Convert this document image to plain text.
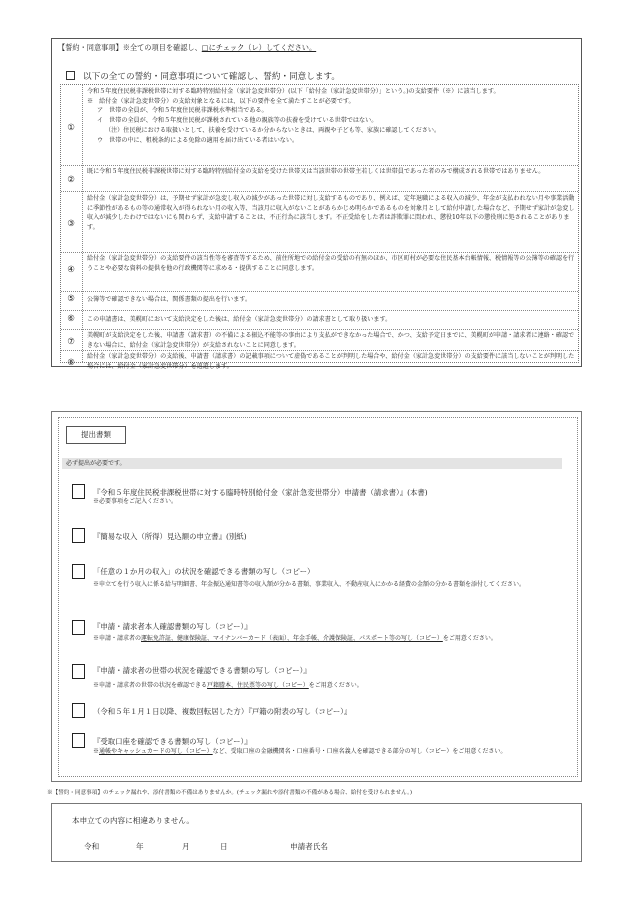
【誓約・同意事項】※全ての項目を確認し、□にチェック（レ）してください。
以下の全ての誓約・同意事項について確認し、誓約・同意します。
①
令和５年度住民税非課税世帯に対する臨時特別給付金（家計急変世帯分）(以下「給付金（家計急変世帯分）」という。)の支給要件（※）に該当します。
※　給付金（家計急変世帯分）の支給対象となるには、以下の要件を全て満たすことが必要です。
ア　世帯の全員が、令和５年度住民税非課税水準相当である。
イ　世帯の全員が、令和５年度住民税が課税されている他の親族等の扶養を受けている世帯ではない。
（注）住民税における取扱いとして、扶養を受けているか分からないときは、両親や子ども等、家族に確認してください。
ウ　世帯の中に、租税条約による免除の適用を届け出ている者はいない。
②
既に令和５年度住民税非課税世帯に対する臨時特別給付金の支給を受けた世帯又は当該世帯の世帯主若しくは世帯員であった者のみで構成される世帯ではありません。
③
給付金（家計急変世帯分）は、予期せず家計が急変し収入の減少があった世帯に対し支給するものであり、例えば、定年退職による収入の減少、年金が支払われない月や事業活動に季節性があるもの等の通常収入が得られない月の収入等、当該月に収入がないことがあらかじめ明らかであるものを対象月として給付申請した場合など、予期せず家計が急変し収入が減少したわけではないにも関わらず、支給申請することは、不正行為に該当します。不正受給をした者は詐欺罪に問われ、懲役10年以下の懲役刑に処されることがあります。
④
給付金（家計急変世帯分）の支給要件の該当性等を審査等するため、前住所地での給付金の受給の有無のほか、市区町村が必要な住民基本台帳情報、税情報等の公簿等の確認を行うことや必要な資料の提供を他の行政機関等に求める・提供することに同意します。
⑤	公簿等で確認できない場合は、関係書類の提出を行います。
⑥	この申請書は、美幌町において支給決定をした後は、給付金（家計急変世帯分）の請求書として取り扱います。
⑦
美幌町が支給決定をした後、申請書（請求書）の不備による振込不能等の事由により支払ができなかった場合で、かつ、支給予定日までに、美幌町が申請・請求者に連絡・確認できない場合に、給付金（家計急変世帯分）が支給されないことに同意します。
⑧
給付金（家計急変世帯分）の支給後、申請書（請求書）の記載事項について虚偽であることが判明した場合や、給付金（家計急変世帯分）の支給要件に該当しないことが判明した場合には、給付金（家計急変世帯分）を返還します。
提出書類
必ず提出が必要です。
『令和５年度住民税非課税世帯に対する臨時特別給付金（家計急変世帯分）申請書（請求書）』(本書)
※必要事項をご記入ください。
『簡易な収入（所得）見込額の申立書』(別紙)
「任意の１か月の収入」の状況を確認できる書類の写し（コピー）
※申立てを行う収入に係る給与明細書、年金振込通知書等の収入額が分かる書類、事業収入、不動産収入にかかる経費の金額の分かる書類を添付してください。
『申請・請求者本人確認書類の写し（コピー）』
※申請・請求者の運転免許証、健康保険証、マイナンバーカード（表面）、年金手帳、介護保険証、パスポート等の写し（コピー）をご用意ください。
『申請・請求者の世帯の状況を確認できる書類の写し（コピー）』
※申請・請求者の世帯の状況を確認できる戸籍謄本、住民票等の写し（コピー）をご用意ください。
（令和５年１月１日以降、複数回転居した方）『戸籍の附表の写し（コピー）』
『受取口座を確認できる書類の写し（コピー）』
※通帳やキャッシュカードの写し（コピー）など、受取口座の金融機関名・口座番号・口座名義人を確認できる部分の写し（コピー）をご用意ください。
※【誓約・同意事項】のチェック漏れや、添付書類の不備はありませんか。(チェック漏れや添付書類の不備がある場合、給付を受けられません。)
本申立ての内容に相違ありません。
令和	年	月	日	申請者氏名
